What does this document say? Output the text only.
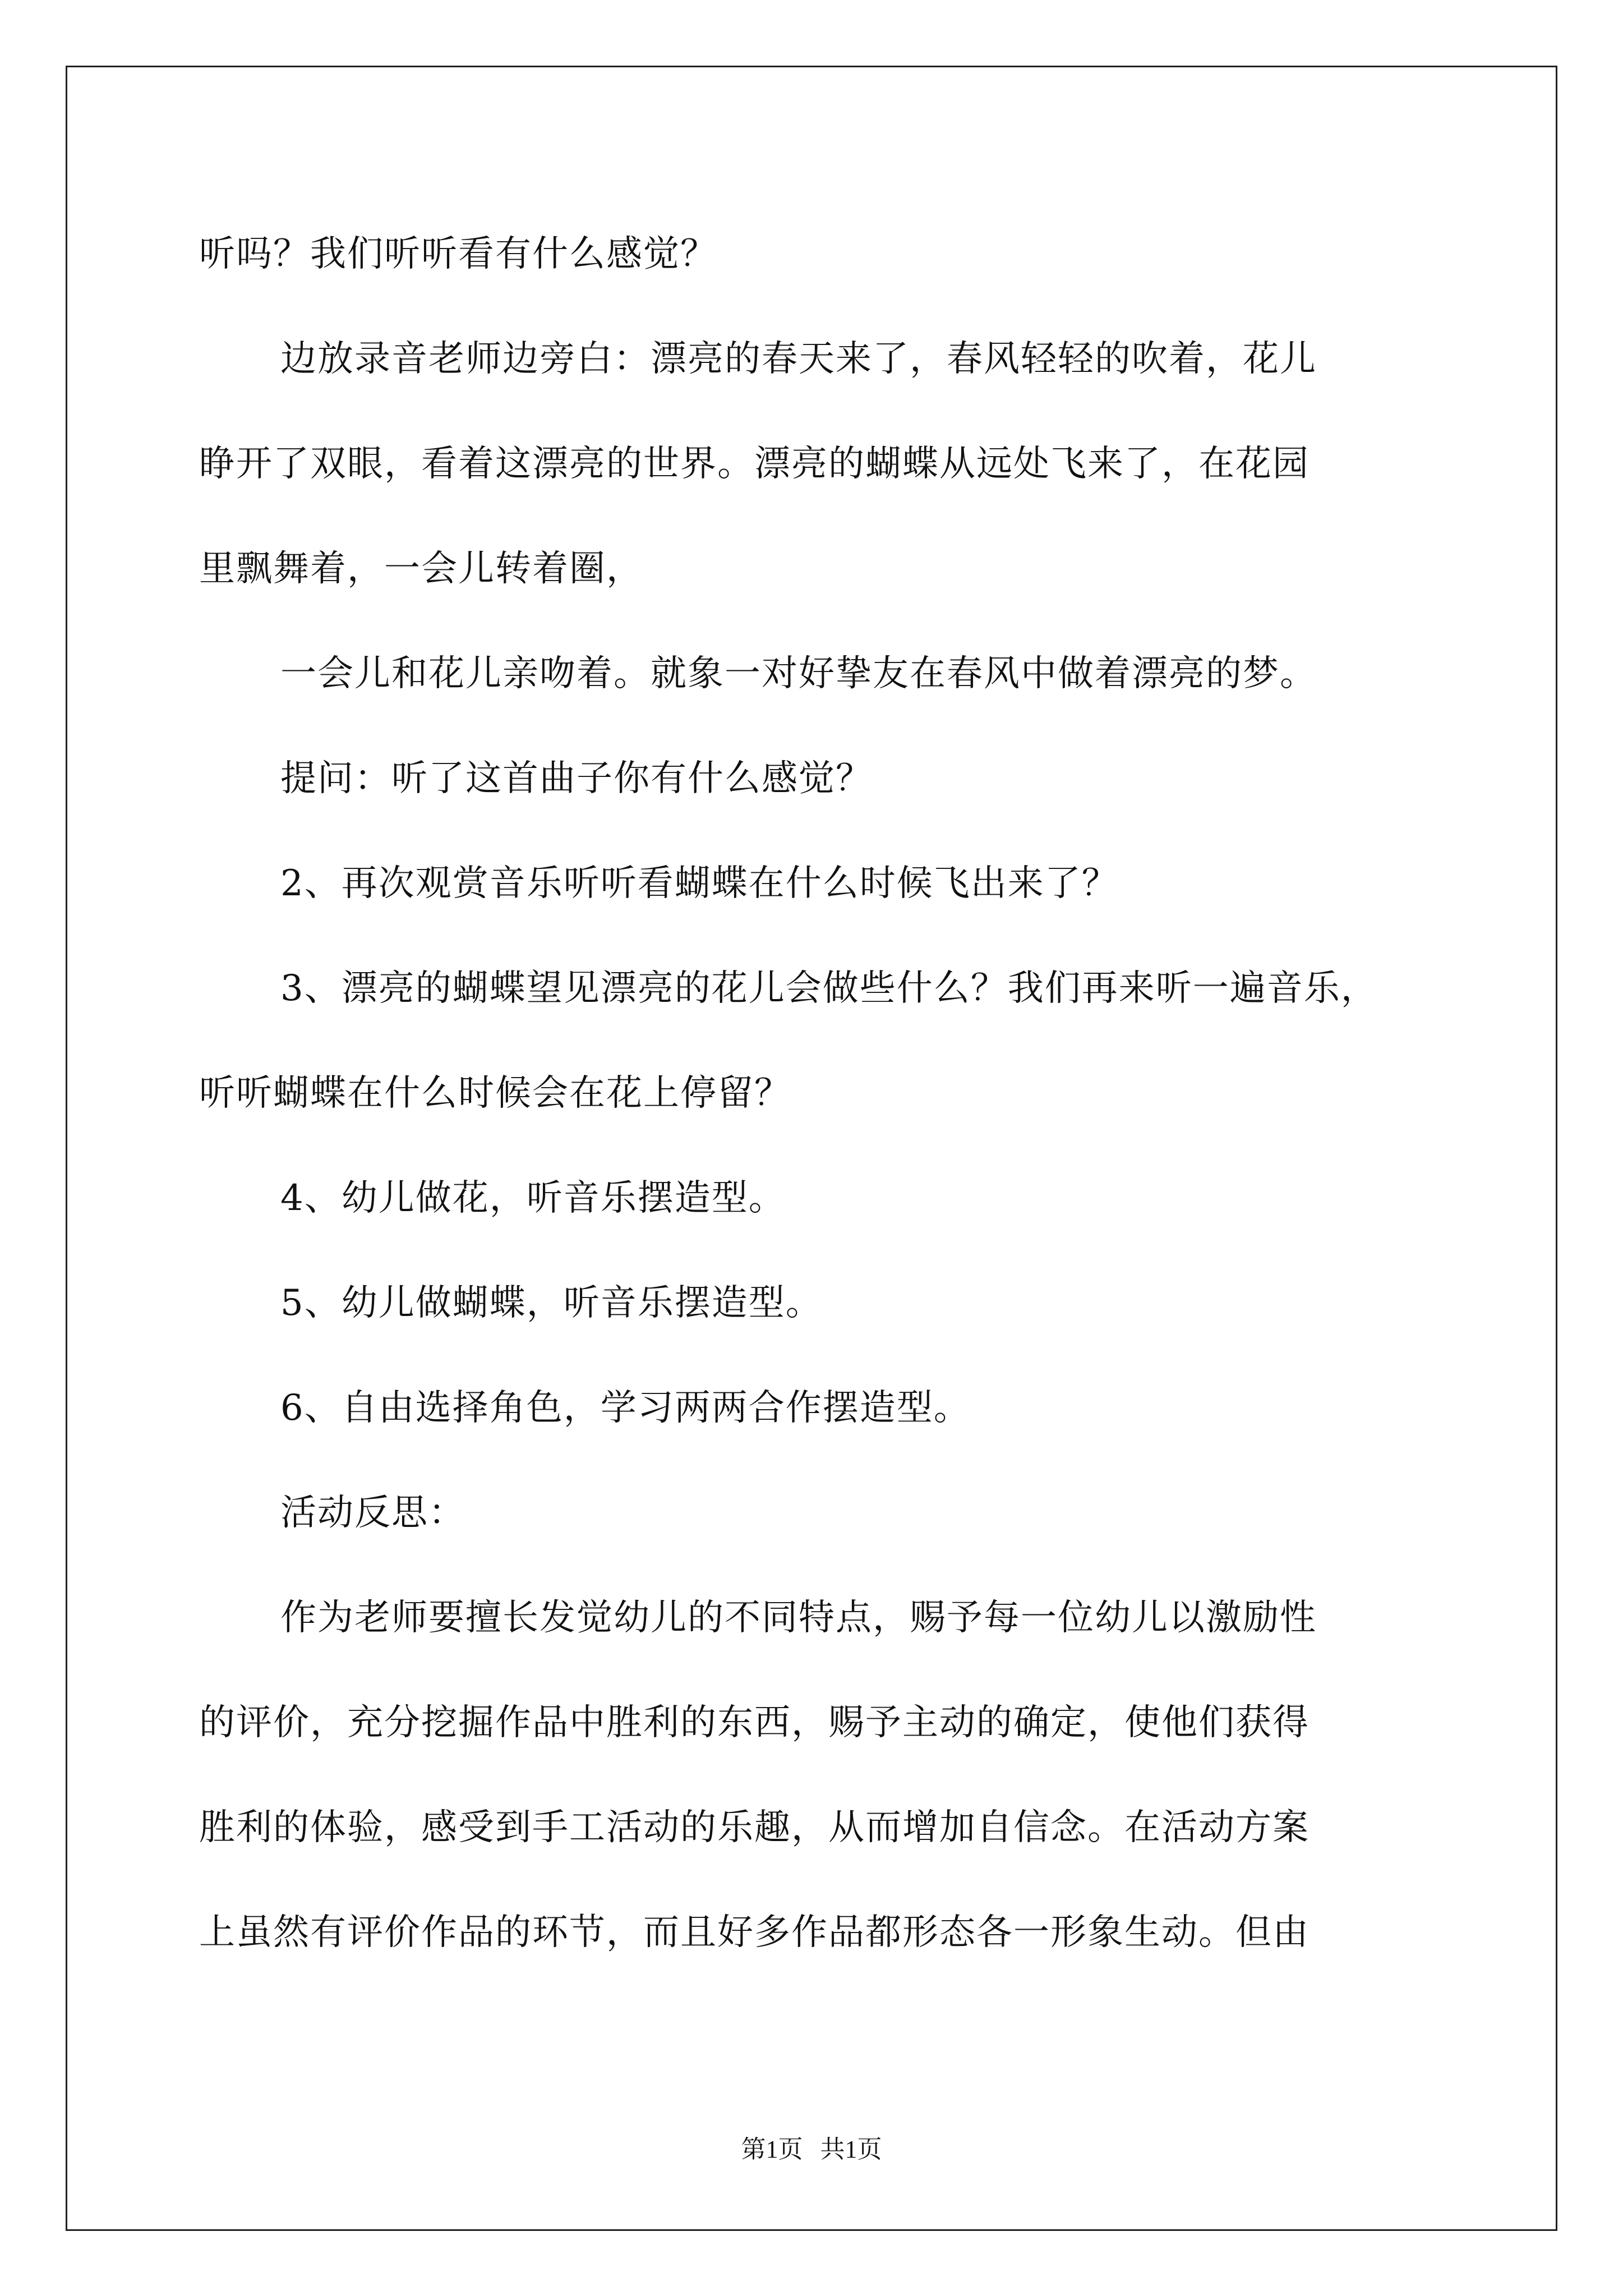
听吗？我们听听看有什么感觉？

边放录音老师边旁白：漂亮的春天来了，春风轻轻的吹着，花儿

睁开了双眼，看着这漂亮的世界。漂亮的蝴蝶从远处飞来了，在花园

里飘舞着，一会儿转着圈，

一会儿和花儿亲吻着。就象一对好挚友在春风中做着漂亮的梦。

提问：听了这首曲子你有什么感觉？

2、再次观赏音乐听听看蝴蝶在什么时候飞出来了？

3、漂亮的蝴蝶望见漂亮的花儿会做些什么？我们再来听一遍音乐，

听听蝴蝶在什么时候会在花上停留？

4、幼儿做花，听音乐摆造型。

5、幼儿做蝴蝶，听音乐摆造型。

6、自由选择角色，学习两两合作摆造型。

活动反思：

作为老师要擅长发觉幼儿的不同特点，赐予每一位幼儿以激励性

的评价，充分挖掘作品中胜利的东西，赐予主动的确定，使他们获得

胜利的体验，感受到手工活动的乐趣，从而增加自信念。在活动方案

上虽然有评价作品的环节，而且好多作品都形态各一形象生动。但由

第1页 共1页
